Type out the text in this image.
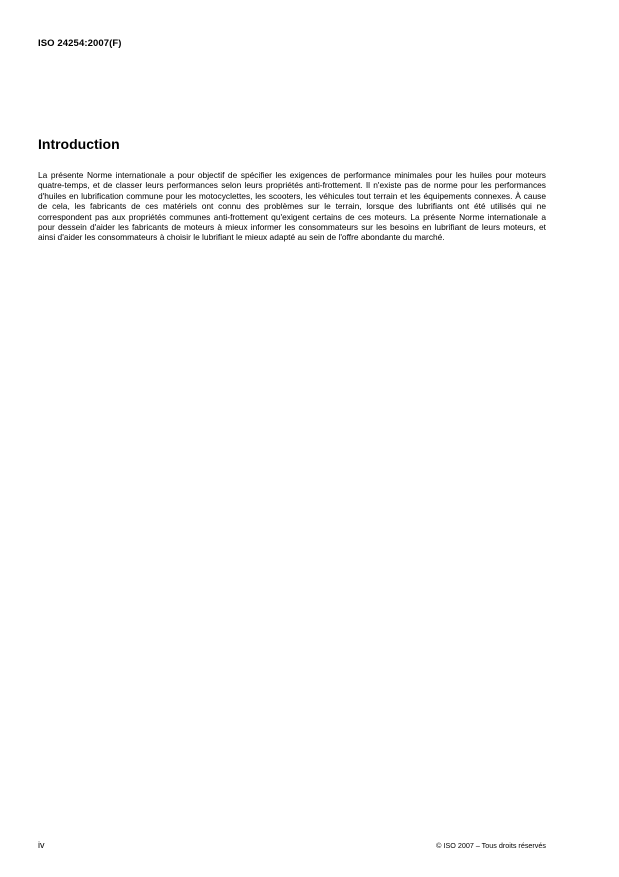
ISO 24254:2007(F)
Introduction

La présente Norme internationale a pour objectif de spécifier les exigences de performance minimales pour les huiles pour moteurs quatre-temps, et de classer leurs performances selon leurs propriétés anti-frottement. Il n'existe pas de norme pour les performances d'huiles en lubrification commune pour les motocyclettes, les scooters, les véhicules tout terrain et les équipements connexes. À cause de cela, les fabricants de ces matériels ont connu des problèmes sur le terrain, lorsque des lubrifiants ont été utilisés qui ne correspondent pas aux propriétés communes anti-frottement qu'exigent certains de ces moteurs. La présente Norme internationale a pour dessein d'aider les fabricants de moteurs à mieux informer les consommateurs sur les besoins en lubrifiant de leurs moteurs, et ainsi d'aider les consommateurs à choisir le lubrifiant le mieux adapté au sein de l'offre abondante du marché.

iv	© ISO 2007 – Tous droits réservés
